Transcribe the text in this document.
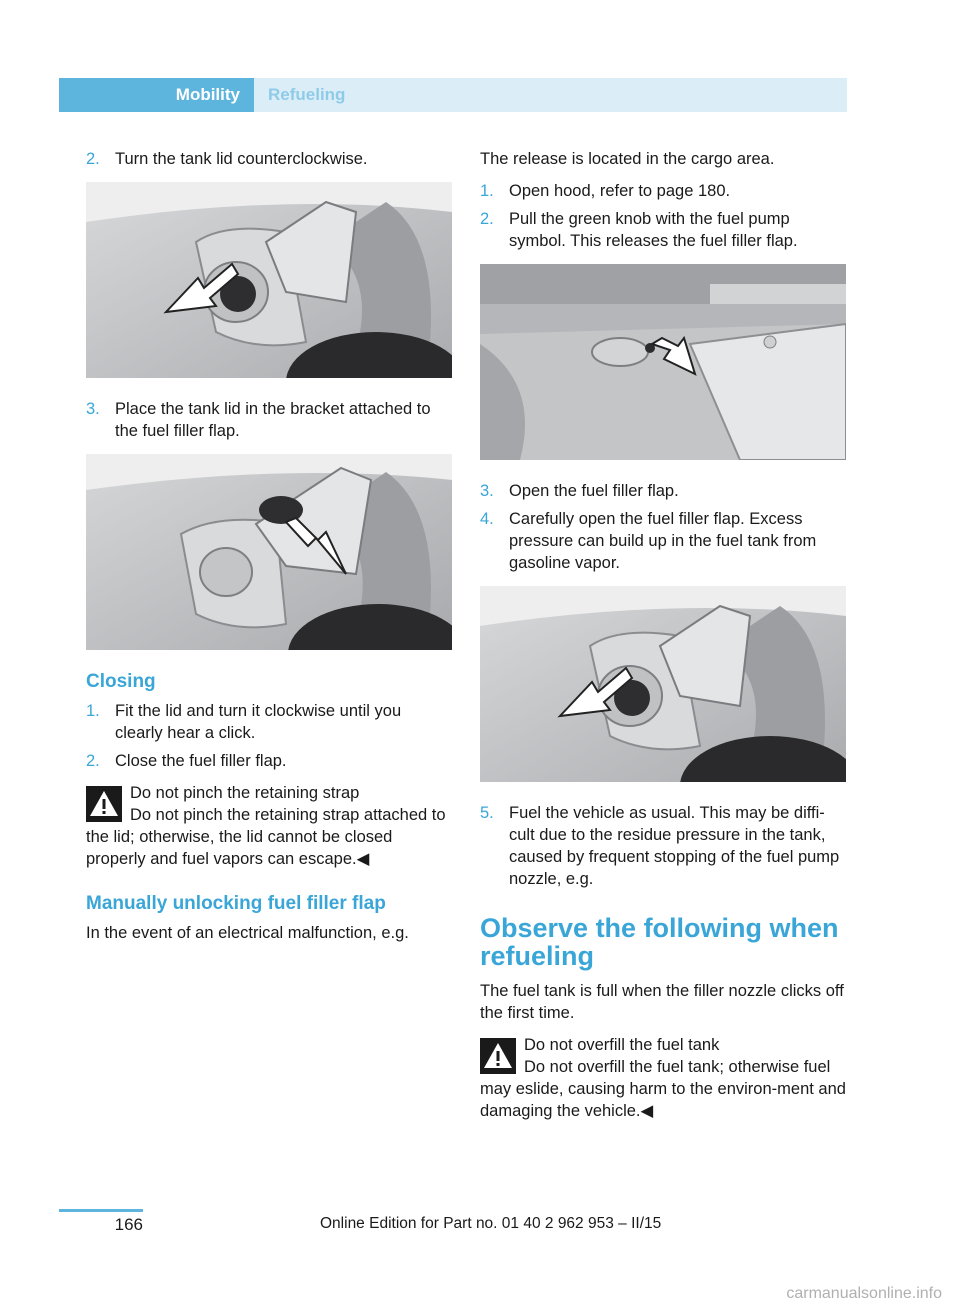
Mobility	Refueling
2. Turn the tank lid counterclockwise.
3. Place the tank lid in the bracket attached to the fuel filler flap.
Closing
1. Fit the lid and turn it clockwise until you clearly hear a click.
2. Close the fuel filler flap.
Do not pinch the retaining strap
Do not pinch the retaining strap attached to the lid; otherwise, the lid cannot be closed properly and fuel vapors can escape.◀
Manually unlocking fuel filler flap

In the event of an electrical malfunction, e.g.

The release is located in the cargo area.

1. Open hood, refer to page 180.
2. Pull the green knob with the fuel pump symbol. This releases the fuel filler flap.
3. Open the fuel filler flap.
4. Carefully open the fuel filler flap. Excess pressure can build up in the fuel tank from gasoline vapor.
5. Fuel the vehicle as usual. This may be diffi‐cult due to the residue pressure in the tank, caused by frequent stopping of the fuel pump nozzle, e.g.
Observe the following when refueling

The fuel tank is full when the filler nozzle clicks off the first time.

Do not overfill the fuel tank
Do not overfill the fuel tank; otherwise fuel may eslide, causing harm to the environ‐ment and damaging the vehicle.◀
166	Online Edition for Part no. 01 40 2 962 953 – II/15
carmanualsonline.info
